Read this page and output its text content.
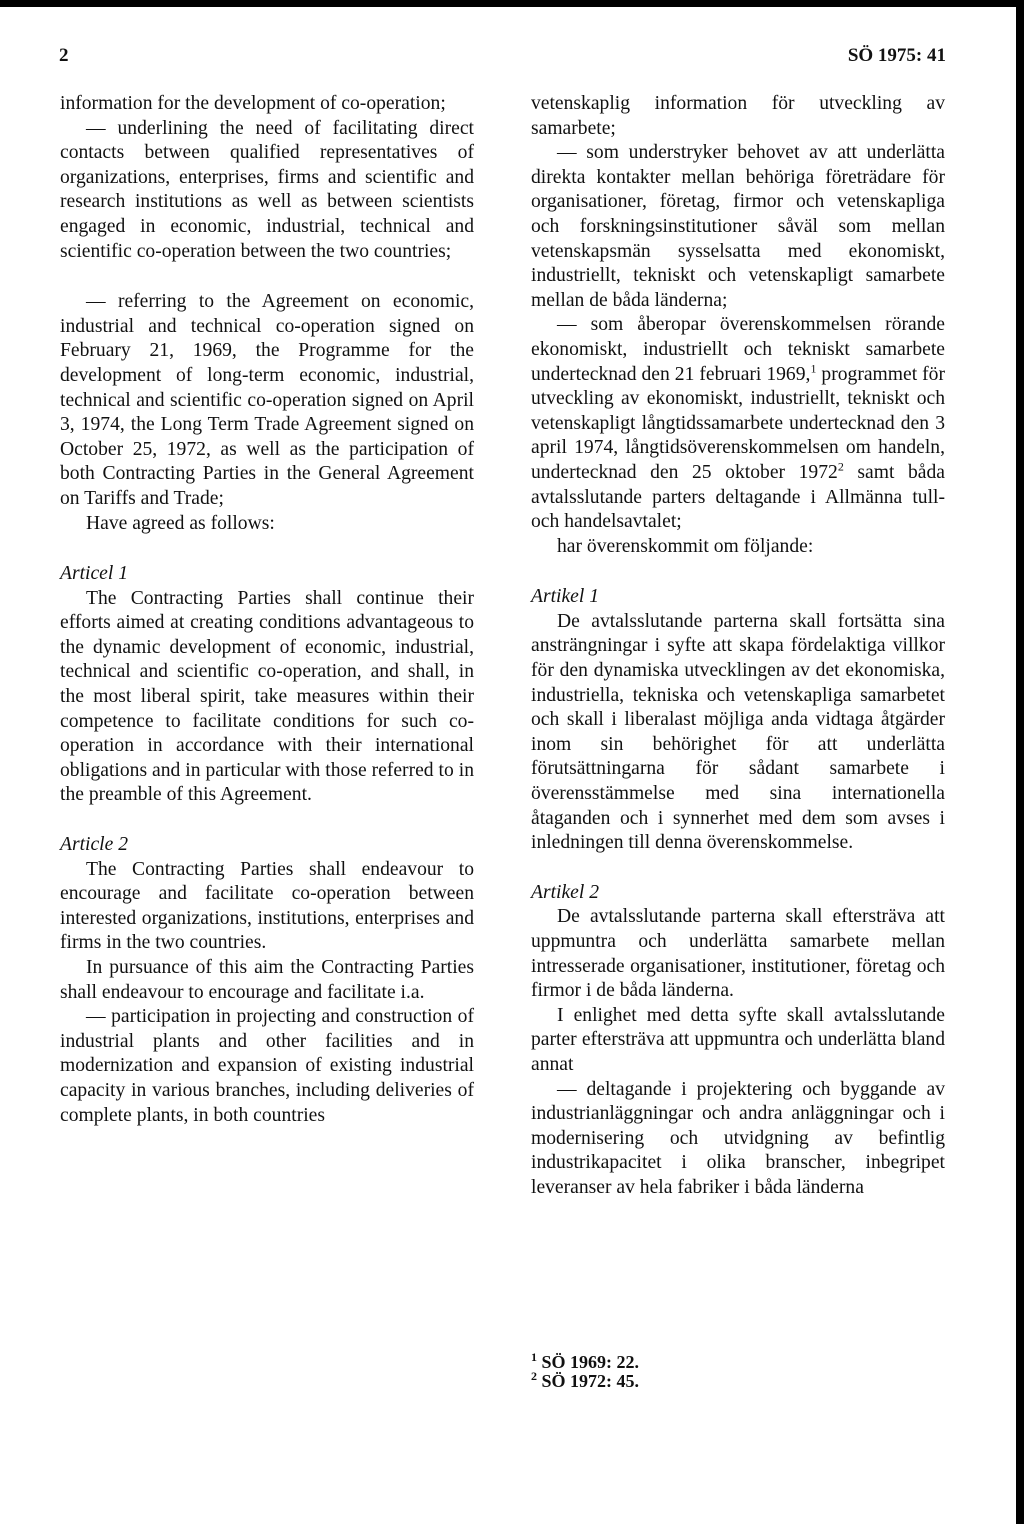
2	SÖ 1975: 41

information for the development of co-operation;

— underlining the need of facilitating direct contacts between qualified representatives of organizations, enterprises, firms and scientific and research institutions as well as between scientists engaged in economic, industrial, technical and scientific co-operation between the two countries;

— referring to the Agreement on economic, industrial and technical co-operation signed on February 21, 1969, the Programme for the development of long-term economic, industrial, technical and scientific co-operation signed on April 3, 1974, the Long Term Trade Agreement signed on October 25, 1972, as well as the participation of both Contracting Parties in the General Agreement on Tariffs and Trade;

Have agreed as follows:

Articel 1

The Contracting Parties shall continue their efforts aimed at creating conditions advantageous to the dynamic development of economic, industrial, technical and scientific co-operation, and shall, in the most liberal spirit, take measures within their competence to facilitate conditions for such co-operation in accordance with their international obligations and in particular with those referred to in the preamble of this Agreement.

Article 2

The Contracting Parties shall endeavour to encourage and facilitate co-operation between interested organizations, institutions, enterprises and firms in the two countries.

In pursuance of this aim the Contracting Parties shall endeavour to encourage and facilitate i.a.

— participation in projecting and construction of industrial plants and other facilities and in modernization and expansion of existing industrial capacity in various branches, including deliveries of complete plants, in both countries

vetenskaplig information för utveckling av samarbete;

— som understryker behovet av att underlätta direkta kontakter mellan behöriga företrädare för organisationer, företag, firmor och vetenskapliga och forskningsinstitutioner såväl som mellan vetenskapsmän sysselsatta med ekonomiskt, industriellt, tekniskt och vetenskapligt samarbete mellan de båda länderna;

— som åberopar överenskommelsen rörande ekonomiskt, industriellt och tekniskt samarbete undertecknad den 21 februari 1969,$^1$ programmet för utveckling av ekonomiskt, industriellt, tekniskt och vetenskapligt långtidssamarbete undertecknad den 3 april 1974, långtidsöverenskommelsen om handeln, undertecknad den 25 oktober 1972$^2$ samt båda avtalsslutande parters deltagande i Allmänna tull- och handelsavtalet;

har överenskommit om följande:

Artikel 1

De avtalsslutande parterna skall fortsätta sina ansträngningar i syfte att skapa fördelaktiga villkor för den dynamiska utvecklingen av det ekonomiska, industriella, tekniska och vetenskapliga samarbetet och skall i liberalast möjliga anda vidtaga åtgärder inom sin behörighet för att underlätta förutsättningarna för sådant samarbete i överensstämmelse med sina internationella åtaganden och i synnerhet med dem som avses i inledningen till denna överenskommelse.

Artikel 2

De avtalsslutande parterna skall eftersträva att uppmuntra och underlätta samarbete mellan intresserade organisationer, institutioner, företag och firmor i de båda länderna.

I enlighet med detta syfte skall avtalsslutande parter eftersträva att uppmuntra och underlätta bland annat

— deltagande i projektering och byggande av industrianläggningar och andra anläggningar och i modernisering och utvidgning av befintlig industrikapacitet i olika branscher, inbegripet leveranser av hela fabriker i båda länderna

$^1$ SÖ 1969: 22.
$^2$ SÖ 1972: 45.
